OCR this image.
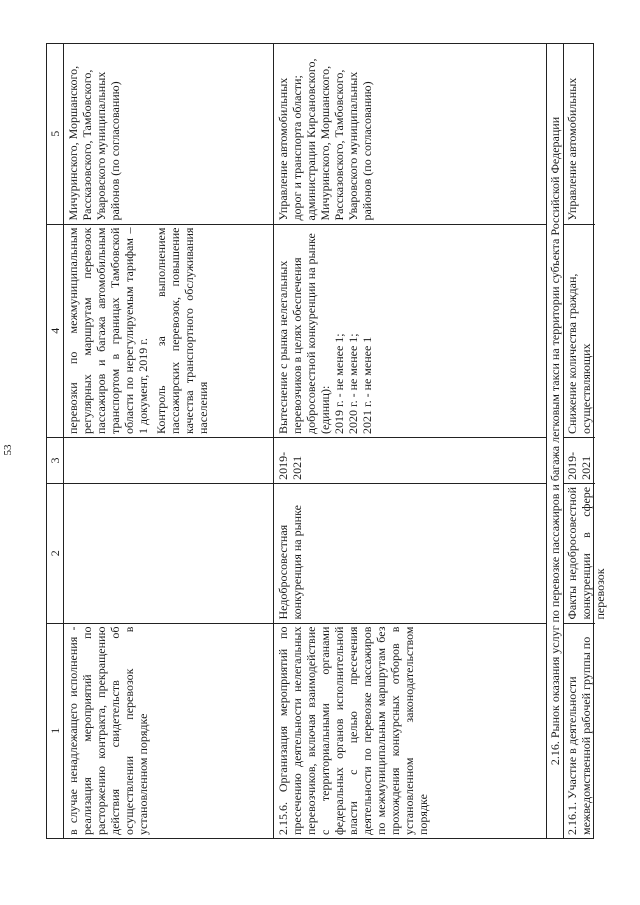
53
1
2
3
4
5
в случае ненадлежащего исполнения - реализация мероприятий по расторжению контракта, прекращению действия свидетельств об осуществлении перевозок в установленном порядке

перевозки по межмуниципальным регулярных маршрутам перевозок пассажиров и багажа автомобильным транспортом в границах Тамбовской области по нерегулируемым тарифам – 1 документ, 2019 г. Контроль за выполнением пассажирских перевозок, повышение качества транспортного обслуживания населения

Мичуринского, Моршанского, Рассказовского, Тамбовского, Уваровского муниципальных районов (по согласованию)
2.15.6. Организация мероприятий по пресечению деятельности нелегальных перевозчиков, включая взаимодействие с территориальными органами федеральных органов исполнительной власти с целью пресечения деятельности по перевозке пассажиров по межмуниципальным маршрутам без прохождения конкурсных отборов в установленном законодательством порядке
Недобросовестная конкуренция на рынке
2019-2021
Вытеснение с рынка нелегальных перевозчиков в целях обеспечения добросовестной конкуренции на рынке (единиц): 2019 г. - не менее 1; 2020 г. - не менее 1; 2021 г. - не менее 1
Управление автомобильных дорог и транспорта области; администрации Кирсановского, Мичуринского, Моршанского, Рассказовского, Тамбовского, Уваровского муниципальных районов (по согласованию)	2.16. Рынок оказания услуг по перевозке пассажиров и багажа легковым такси на территории субъекта Российской Федерации 2.16.1. Участие в деятельности межведомственной рабочей группы по
Факты недобросовестной конкуренции в сфере перевозок
2019-2021
Снижение количества граждан, осуществляющих
Управление автомобильных
